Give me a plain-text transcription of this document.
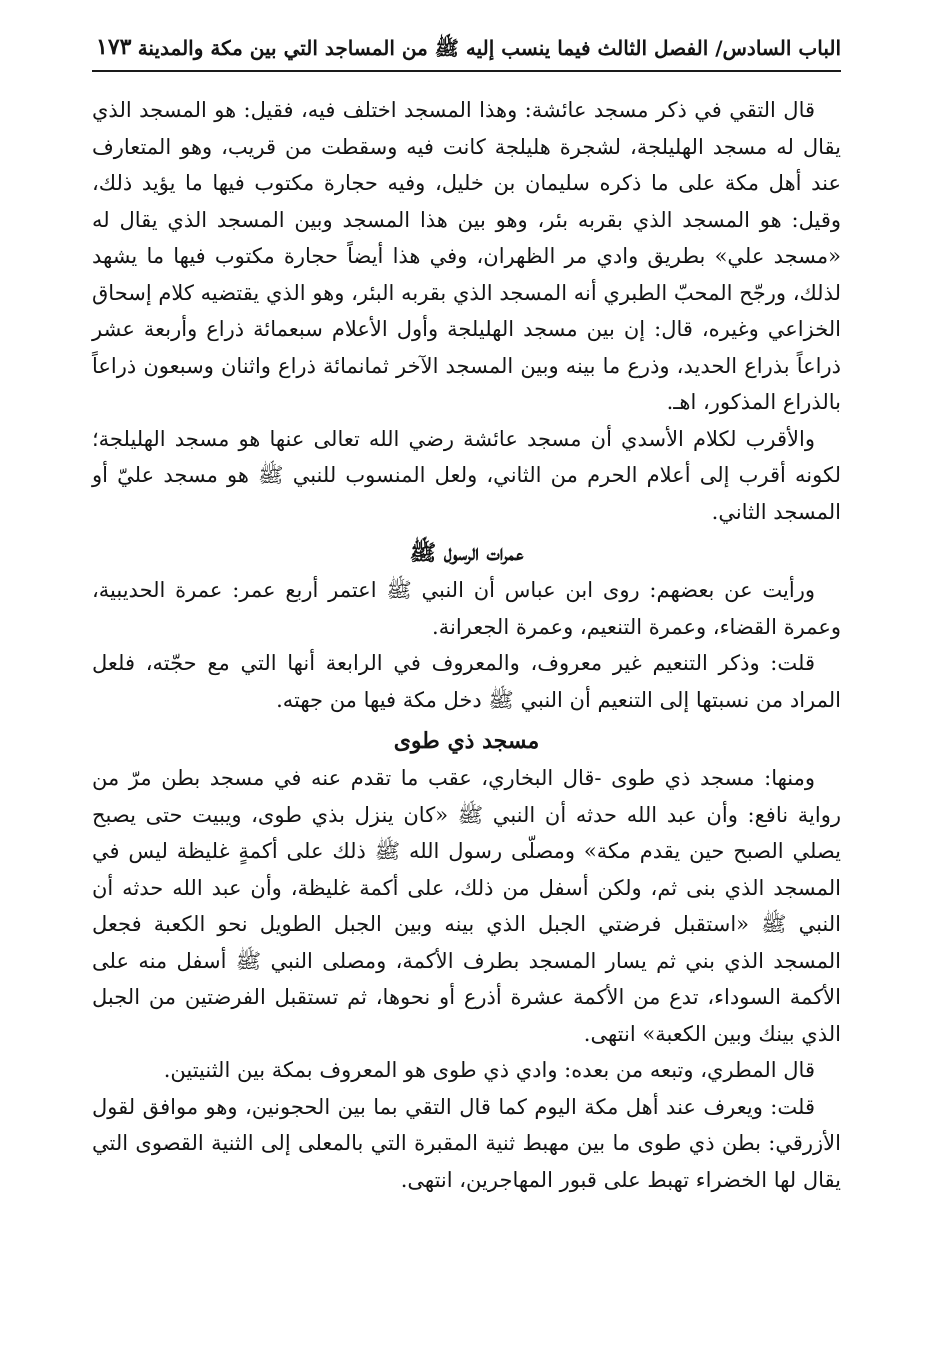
الباب السادس/ الفصل الثالث فيما ينسب إليه ﷺ من المساجد التي بين مكة والمدينة
١٧٣

قال التقي في ذكر مسجد عائشة: وهذا المسجد اختلف فيه، فقيل: هو المسجد الذي يقال له مسجد الهليلجة، لشجرة هليلجة كانت فيه وسقطت من قريب، وهو المتعارف عند أهل مكة على ما ذكره سليمان بن خليل، وفيه حجارة مكتوب فيها ما يؤيد ذلك، وقيل: هو المسجد الذي بقربه بئر، وهو بين هذا المسجد وبين المسجد الذي يقال له «مسجد علي» بطريق وادي مر الظهران، وفي هذا أيضاً حجارة مكتوب فيها ما يشهد لذلك، ورجّح المحبّ الطبري أنه المسجد الذي بقربه البئر، وهو الذي يقتضيه كلام إسحاق الخزاعي وغيره، قال: إن بين مسجد الهليلجة وأول الأعلام سبعمائة ذراع وأربعة عشر ذراعاً بذراع الحديد، وذرع ما بينه وبين المسجد الآخر ثمانمائة ذراع واثنان وسبعون ذراعاً بالذراع المذكور، اهـ.

والأقرب لكلام الأسدي أن مسجد عائشة رضي الله تعالى عنها هو مسجد الهليلجة؛ لكونه أقرب إلى أعلام الحرم من الثاني، ولعل المنسوب للنبي ﷺ هو مسجد عليّ أو المسجد الثاني.

عمرات الرسول ﷺ

ورأيت عن بعضهم: روى ابن عباس أن النبي ﷺ اعتمر أربع عمر: عمرة الحديبية، وعمرة القضاء، وعمرة التنعيم، وعمرة الجعرانة.

قلت: وذكر التنعيم غير معروف، والمعروف في الرابعة أنها التي مع حجّته، فلعل المراد من نسبتها إلى التنعيم أن النبي ﷺ دخل مكة فيها من جهته.

مسجد ذي طوى

ومنها: مسجد ذي طوى -قال البخاري، عقب ما تقدم عنه في مسجد بطن مرّ من رواية نافع: وأن عبد الله حدثه أن النبي ﷺ «كان ينزل بذي طوى، ويبيت حتى يصبح يصلي الصبح حين يقدم مكة» ومصلّى رسول الله ﷺ ذلك على أكمةٍ غليظة ليس في المسجد الذي بنى ثم، ولكن أسفل من ذلك، على أكمة غليظة، وأن عبد الله حدثه أن النبي ﷺ «استقبل فرضتي الجبل الذي بينه وبين الجبل الطويل نحو الكعبة فجعل المسجد الذي بني ثم يسار المسجد بطرف الأكمة، ومصلى النبي ﷺ أسفل منه على الأكمة السوداء، تدع من الأكمة عشرة أذرع أو نحوها، ثم تستقبل الفرضتين من الجبل الذي بينك وبين الكعبة» انتهى.

قال المطري، وتبعه من بعده: وادي ذي طوى هو المعروف بمكة بين الثنيتين.

قلت: ويعرف عند أهل مكة اليوم كما قال التقي بما بين الحجونين، وهو موافق لقول الأزرقي: بطن ذي طوى ما بين مهبط ثنية المقبرة التي بالمعلى إلى الثنية القصوى التي يقال لها الخضراء تهبط على قبور المهاجرين، انتهى.
